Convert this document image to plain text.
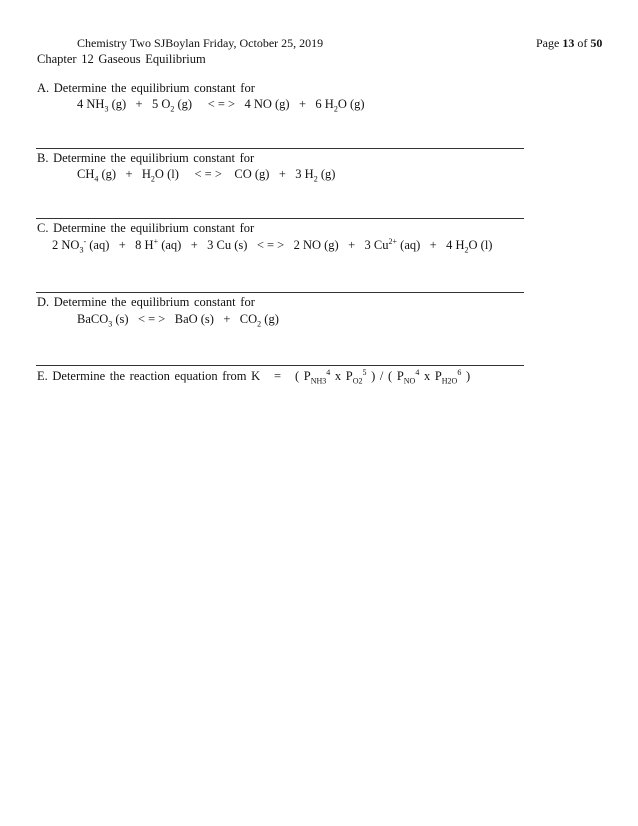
Chemistry Two SJBoylan Friday, October 25, 2019	Page 13 of 50
Chapter 12 Gaseous Equilibrium
A. Determine the equilibrium constant for
4 $NH_3$ (g) + 5 $O_2$ (g) < = > 4 NO (g) + 6 $H_2O$ (g)
B. Determine the equilibrium constant for
$CH_4$ $(g) + H_2O$ (l) < = > CO (g) + 3 $H_2$ (g)
C. Determine the equilibrium constant for
2 $NO_3^-$ (aq) + 8 H+ (aq) + 3 Cu (s) < = > 2 NO (g) + 3 $Cu^{2+}$ (aq) + 4 $H_2O$ (l)
D. Determine the equilibrium constant for
BaCO$_3$ (s) < = > BaO $(s) + CO_2$ (g)
E. Determine the reaction equation from K = ( $P_{NH3}^4$ x $P_{O2}^5$ ) / ( $P_{NO}^4$ x $P_{H2O}^6$ )
